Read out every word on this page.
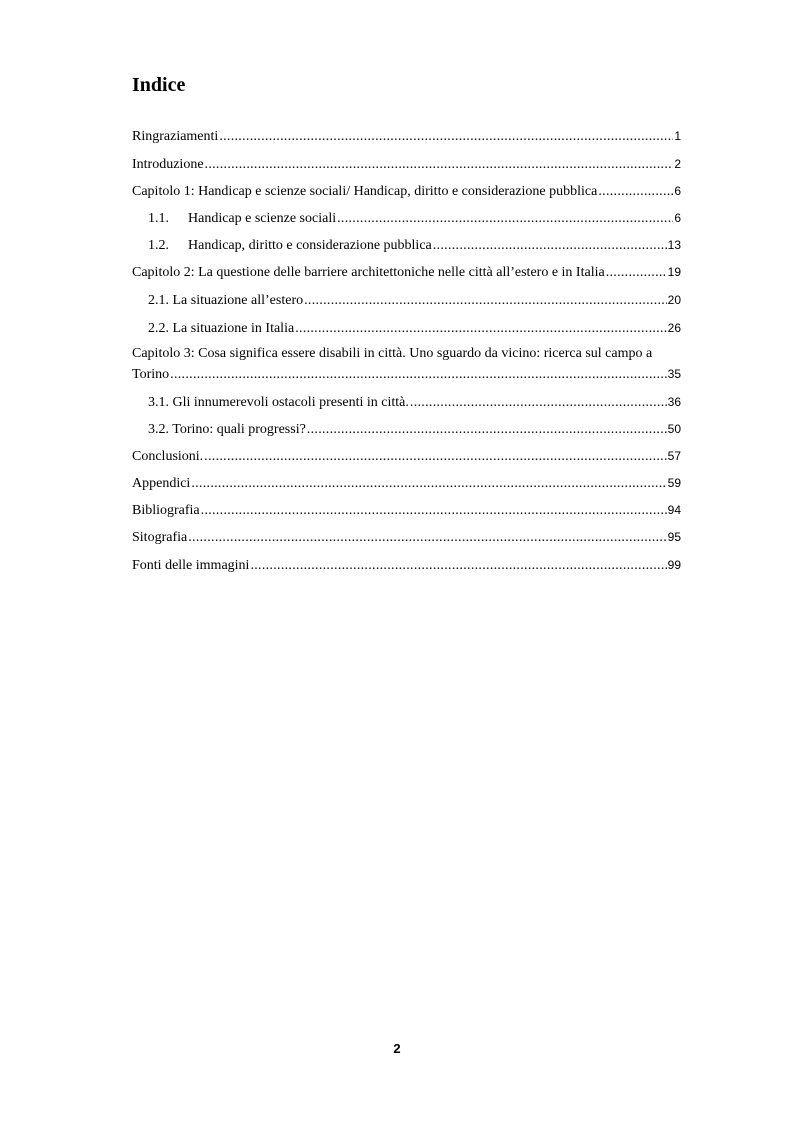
Indice
Ringraziamenti .....	1
Introduzione .....	2
Capitolo 1: Handicap e scienze sociali/ Handicap, diritto e considerazione pubblica .....	6
1.1.	Handicap e scienze sociali .....	6
1.2.	Handicap, diritto e considerazione pubblica .....	13
Capitolo 2: La questione delle barriere architettoniche nelle città all’estero e in Italia .....	19
2.1. La situazione all’estero .....	20
2.2. La situazione in Italia .....	26
Capitolo 3: Cosa significa essere disabili in città. Uno sguardo da vicino: ricerca sul campo a
Torino .....	35
3.1. Gli innumerevoli ostacoli presenti in città. .....	36
3.2. Torino: quali progressi? .....	50
Conclusioni. .....	57
Appendici .....	59
Bibliografia .....	94
Sitografia .....	95
Fonti delle immagini .....	99
2
